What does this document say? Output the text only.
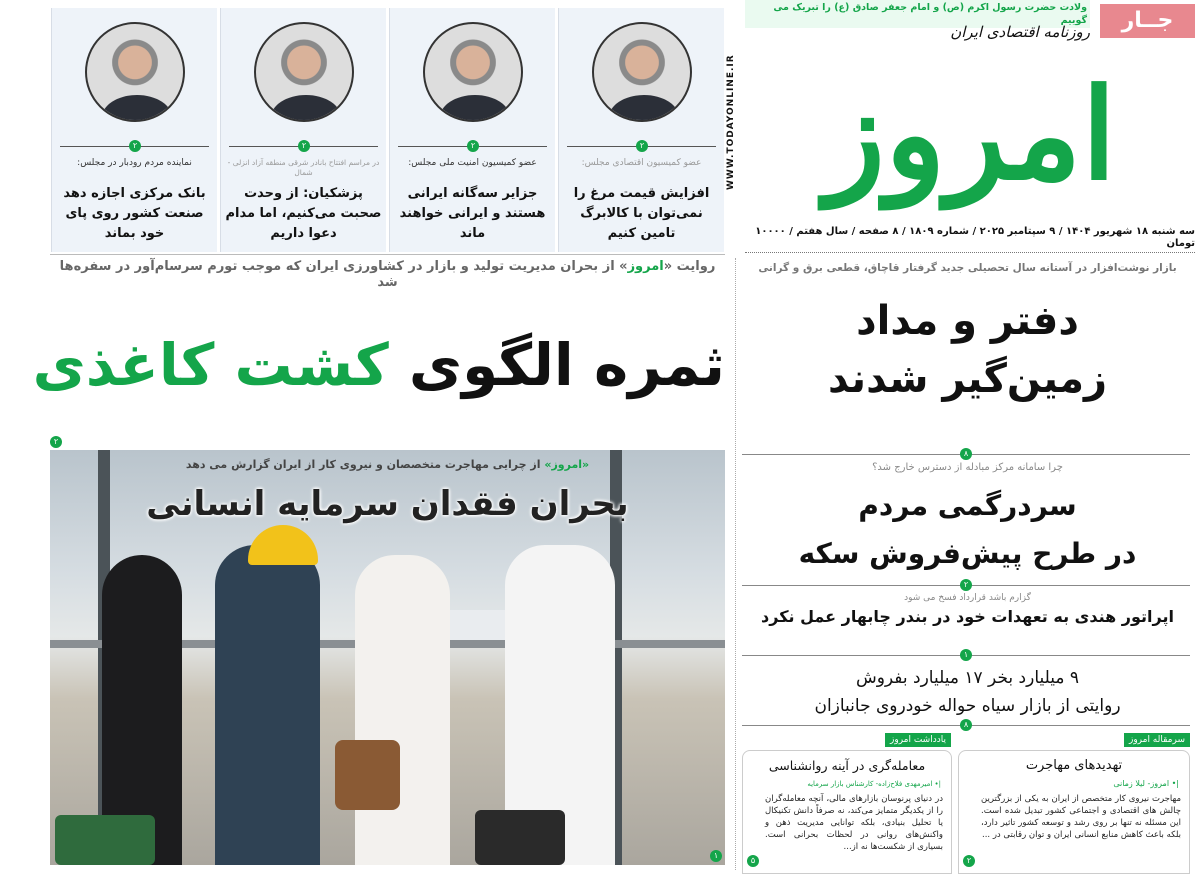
۲
عضو کمیسیون اقتصادی مجلس:
افزایش قیمت مرغ را نمی‌توان با کالابرگ تامین کنیم
۲
عضو کمیسیون امنیت ملی مجلس:
جزایر سه‌گانه ایرانی هستند و ایرانی خواهند ماند
۲
در مراسم افتتاح بانادر شرقی منطقه آزاد انزلی - شمال
پزشکیان: از وحدت صحبت می‌کنیم، اما مدام دعوا داریم
۲
نماینده مردم رودبار در مجلس:
بانک مرکزی اجازه دهد صنعت کشور روی پای خود بماند
ولادت حضرت رسول اکرم (ص) و امام جعفر صادق (ع) را تبریک می گوییم	جــار
WWW.TODAYONLINE.IR
روزنامه اقتصادی ایران
امروز
سه شنبه ۱۸ شهریور ۱۴۰۴ / ۹ سپتامبر ۲۰۲۵ / شماره ۱۸۰۹ / ۸ صفحه / سال هفتم / ۱۰۰۰۰ تومان
روایت «امروز» از بحران مدیریت تولید و بازار در کشاورزی ایران که موجب تورم سرسام‌آور در سفره‌ها شد
ثمره الگوی کشت کاغذی
۲
«امروز» از چرایی مهاجرت متخصصان و نیروی کار از ایران گزارش می دهد
بحران فقدان سرمایه انسانی
۱
بازار نوشت‌افزار در آستانه سال تحصیلی جدید گرفتار قاچاق، قطعی برق و گرانی
دفتر و مداد
زمین‌گیر شدند
۸
چرا سامانه مرکز مبادله از دسترس خارج شد؟
سردرگمی مردم
در طرح پیش‌فروش سکه
۲
گزارم باشد قرارداد فسخ می شود
اپراتور هندی به تعهدات خود در بندر چابهار عمل نکرد
۱
۹ میلیارد بخر ۱۷ میلیارد بفروش
روایتی از بازار سیاه حواله خودروی جانبازان
۸
سرمقاله امروز
تهدیدهای مهاجرت
|• امروز- لیلا زمانی
مهاجرت نیروی کار متخصص از ایران به یکی از بزرگترین چالش های اقتصادی و اجتماعی کشور تبدیل شده است. این مسئله نه تنها بر روی رشد و توسعه کشور تاثیر دارد، بلکه باعث کاهش منابع انسانی ایران و توان رقابتی در ...
۲
یادداشت امروز
معامله‌گری در آینه روانشناسی
|• امیرمهدی فلاح‌زاده- کارشناس بازار سرمایه
در دنیای پرنوسان بازارهای مالی، آنچه معامله‌گران را از یکدیگر متمایز می‌کند، نه صرفاً دانش تکنیکال یا تحلیل بنیادی، بلکه توانایی مدیریت ذهن و واکنش‌های روانی در لحظات بحرانی است. بسیاری از شکست‌ها نه از...
۵
